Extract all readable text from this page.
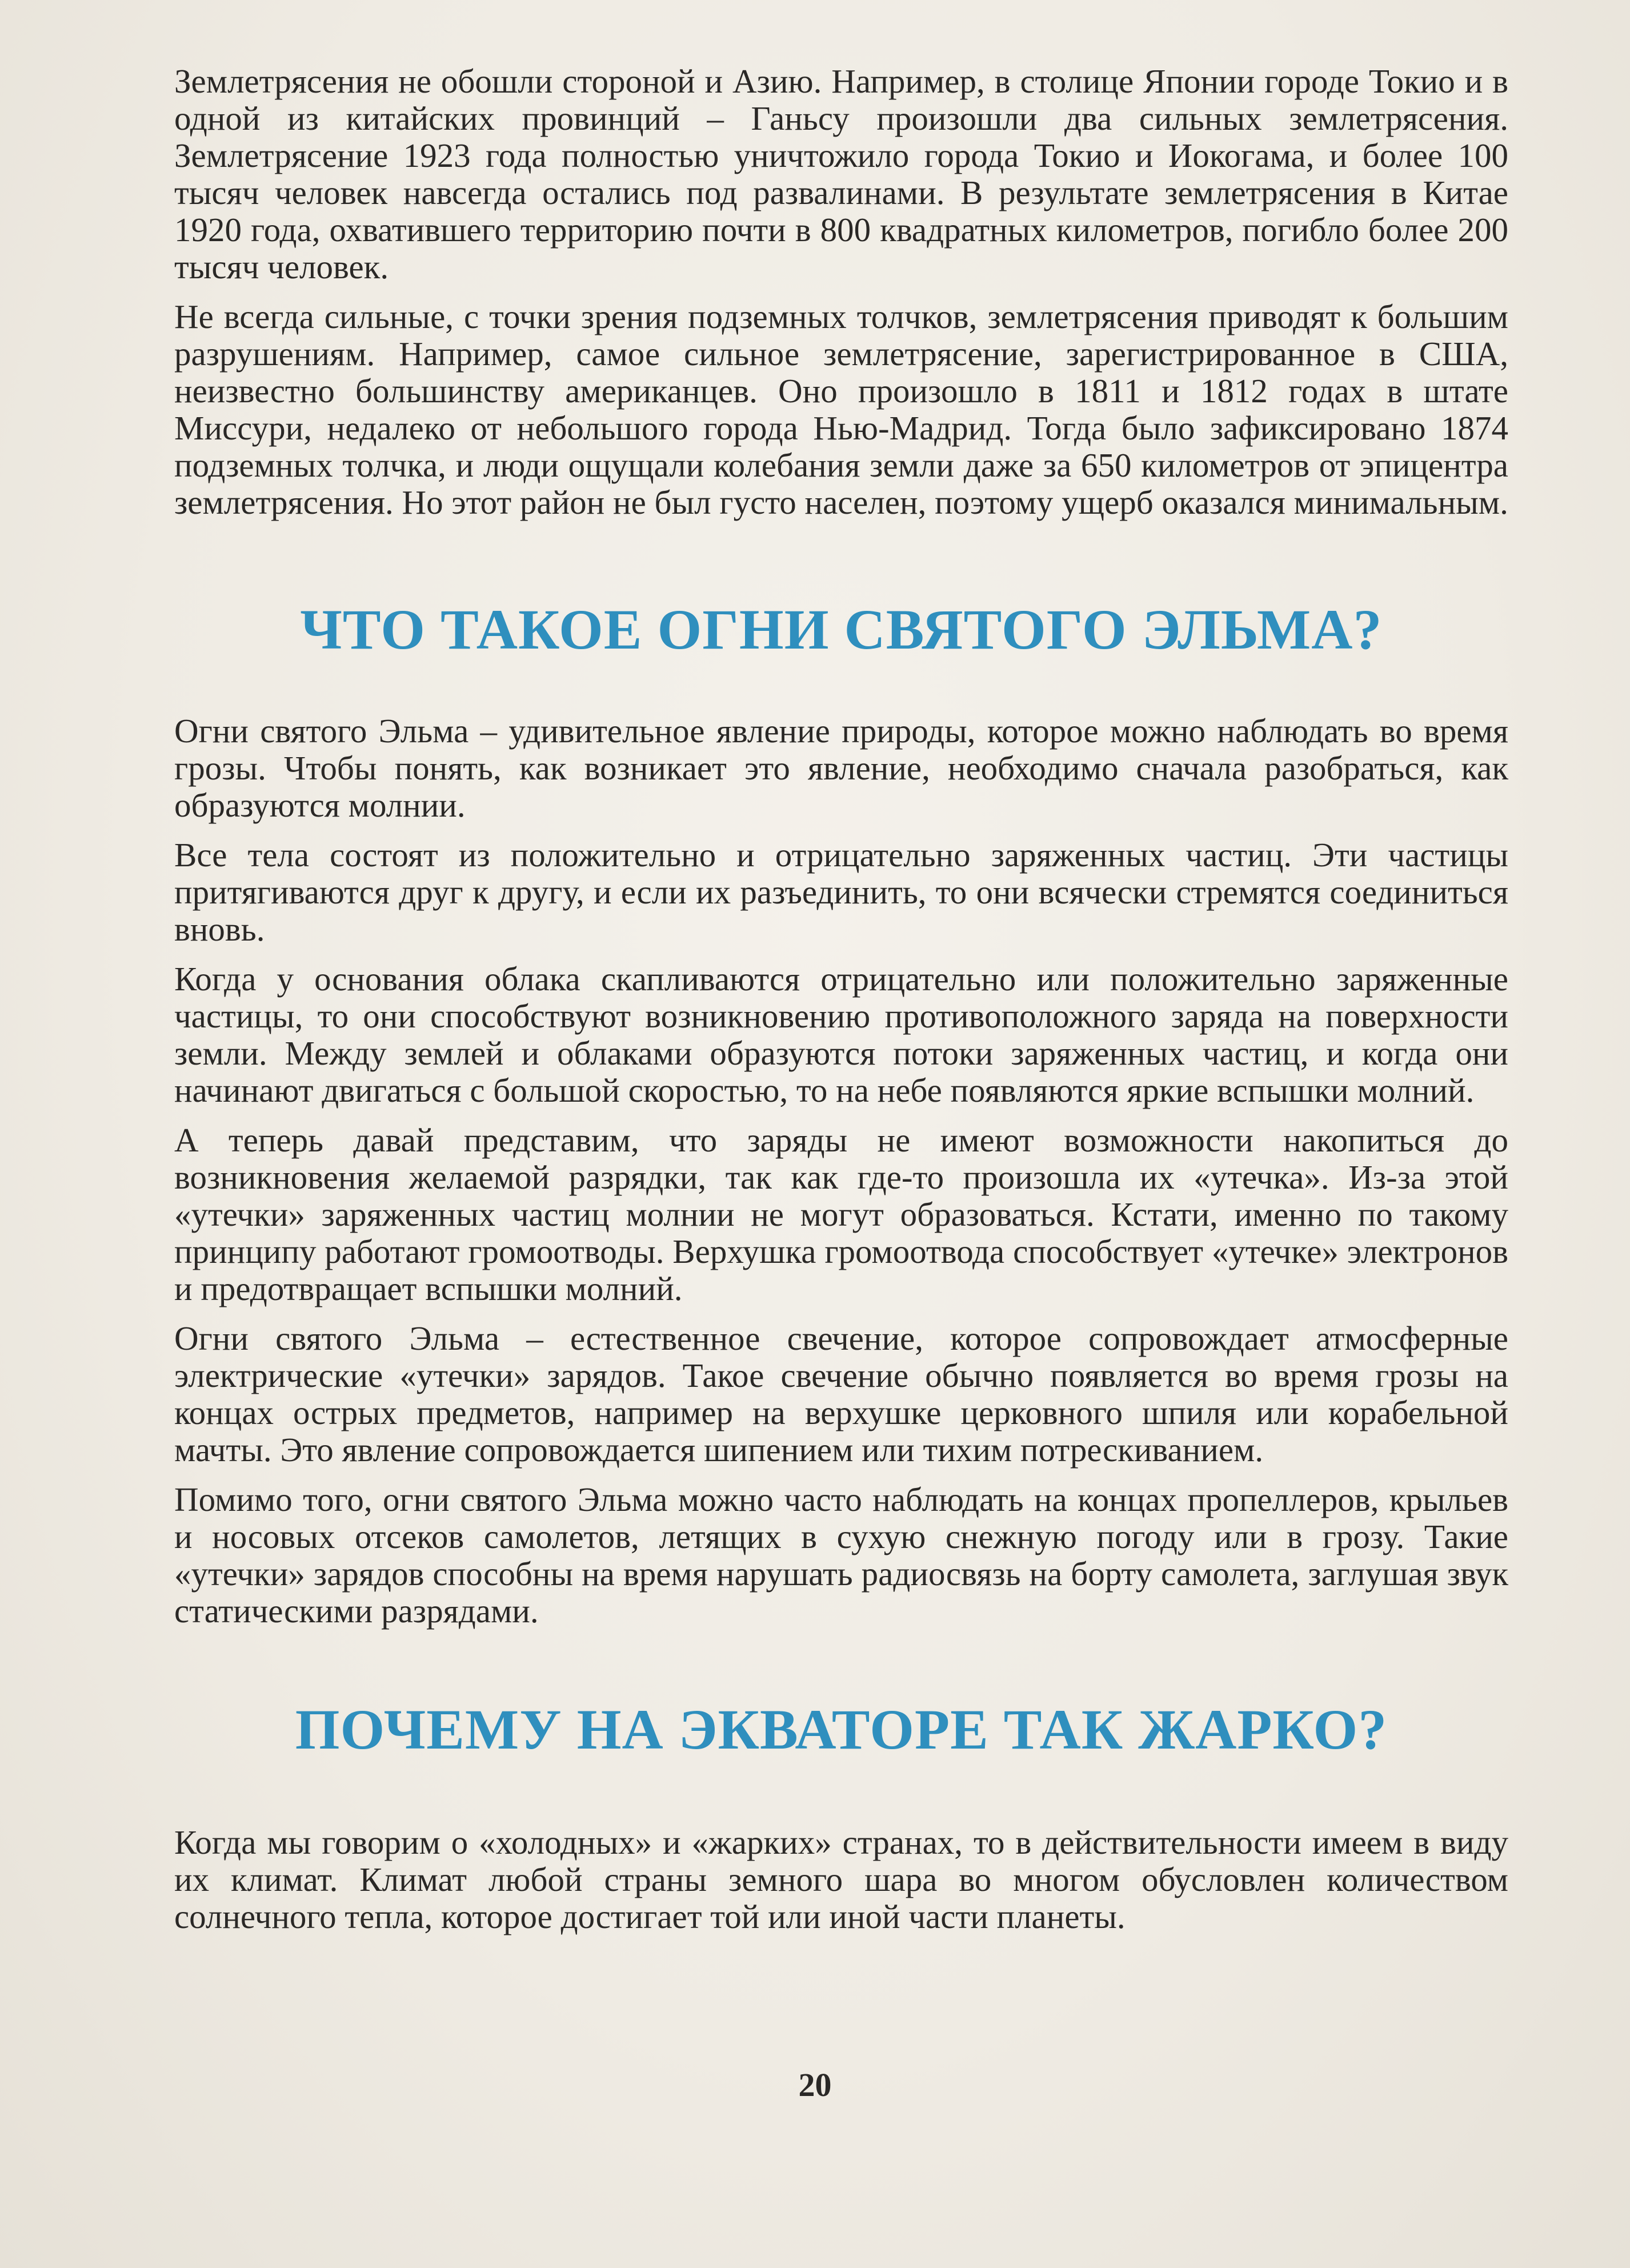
Землетрясения не обошли стороной и Азию. Например, в столице Японии городе Токио и в одной из китайских провинций – Ганьсу произошли два сильных землетрясения. Землетрясение 1923 года полностью уничтожило города Токио и Иокогама, и более 100 тысяч человек навсегда остались под развалинами. В результате землетрясения в Китае 1920 года, охватившего территорию почти в 800 квадратных километров, погибло более 200 тысяч человек.

Не всегда сильные, с точки зрения подземных толчков, землетрясения приводят к большим разрушениям. Например, самое сильное землетрясение, зарегистрированное в США, неизвестно большинству американцев. Оно произошло в 1811 и 1812 годах в штате Миссури, недалеко от небольшого города Нью-Мадрид. Тогда было зафиксировано 1874 подземных толчка, и люди ощущали колебания земли даже за 650 километров от эпицентра землетрясения. Но этот район не был густо населен, поэтому ущерб оказался минимальным.

ЧТО ТАКОЕ ОГНИ СВЯТОГО ЭЛЬМА?

Огни святого Эльма – удивительное явление природы, которое можно наблюдать во время грозы. Чтобы понять, как возникает это явление, необходимо сначала разобраться, как образуются молнии.

Все тела состоят из положительно и отрицательно заряженных частиц. Эти частицы притягиваются друг к другу, и если их разъединить, то они всячески стремятся соединиться вновь.

Когда у основания облака скапливаются отрицательно или положительно заряженные частицы, то они способствуют возникновению противоположного заряда на поверхности земли. Между землей и облаками образуются потоки заряженных частиц, и когда они начинают двигаться с большой скоростью, то на небе появляются яркие вспышки молний.

А теперь давай представим, что заряды не имеют возможности накопиться до возникновения желаемой разрядки, так как где-то произошла их «утечка». Из-за этой «утечки» заряженных частиц молнии не могут образоваться. Кстати, именно по такому принципу работают громоотводы. Верхушка громоотвода способствует «утечке» электронов и предотвращает вспышки молний.

Огни святого Эльма – естественное свечение, которое сопровождает атмосферные электрические «утечки» зарядов. Такое свечение обычно появляется во время грозы на концах острых предметов, например на верхушке церковного шпиля или корабельной мачты. Это явление сопровождается шипением или тихим потрескиванием.

Помимо того, огни святого Эльма можно часто наблюдать на концах пропеллеров, крыльев и носовых отсеков самолетов, летящих в сухую снежную погоду или в грозу. Такие «утечки» зарядов способны на время нарушать радиосвязь на борту самолета, заглушая звук статическими разрядами.

ПОЧЕМУ НА ЭКВАТОРЕ ТАК ЖАРКО?

Когда мы говорим о «холодных» и «жарких» странах, то в действительности имеем в виду их климат. Климат любой страны земного шара во многом обусловлен количеством солнечного тепла, которое достигает той или иной части планеты.

20
